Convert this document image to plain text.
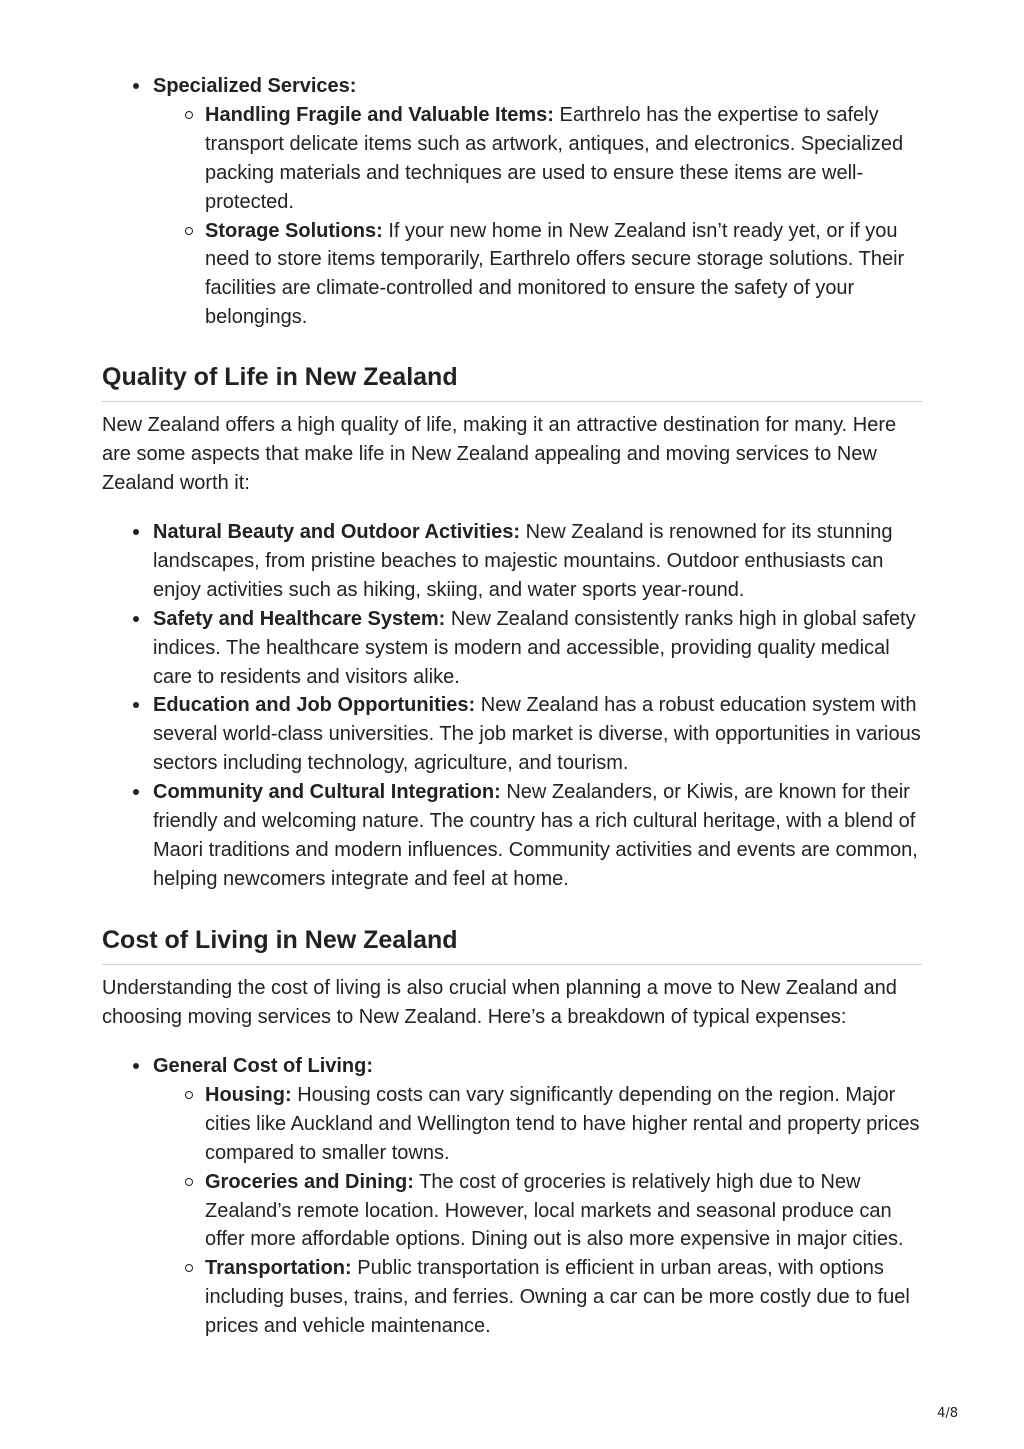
Specialized Services:
Handling Fragile and Valuable Items: Earthrelo has the expertise to safely transport delicate items such as artwork, antiques, and electronics. Specialized packing materials and techniques are used to ensure these items are well-protected.
Storage Solutions: If your new home in New Zealand isn’t ready yet, or if you need to store items temporarily, Earthrelo offers secure storage solutions. Their facilities are climate-controlled and monitored to ensure the safety of your belongings.
Quality of Life in New Zealand

New Zealand offers a high quality of life, making it an attractive destination for many. Here are some aspects that make life in New Zealand appealing and moving services to New Zealand worth it:

Natural Beauty and Outdoor Activities: New Zealand is renowned for its stunning landscapes, from pristine beaches to majestic mountains. Outdoor enthusiasts can enjoy activities such as hiking, skiing, and water sports year-round.
Safety and Healthcare System: New Zealand consistently ranks high in global safety indices. The healthcare system is modern and accessible, providing quality medical care to residents and visitors alike.
Education and Job Opportunities: New Zealand has a robust education system with several world-class universities. The job market is diverse, with opportunities in various sectors including technology, agriculture, and tourism.
Community and Cultural Integration: New Zealanders, or Kiwis, are known for their friendly and welcoming nature. The country has a rich cultural heritage, with a blend of Maori traditions and modern influences. Community activities and events are common, helping newcomers integrate and feel at home.
Cost of Living in New Zealand

Understanding the cost of living is also crucial when planning a move to New Zealand and choosing moving services to New Zealand. Here’s a breakdown of typical expenses:

General Cost of Living:
Housing: Housing costs can vary significantly depending on the region. Major cities like Auckland and Wellington tend to have higher rental and property prices compared to smaller towns.
Groceries and Dining: The cost of groceries is relatively high due to New Zealand’s remote location. However, local markets and seasonal produce can offer more affordable options. Dining out is also more expensive in major cities.
Transportation: Public transportation is efficient in urban areas, with options including buses, trains, and ferries. Owning a car can be more costly due to fuel prices and vehicle maintenance.
4/8
